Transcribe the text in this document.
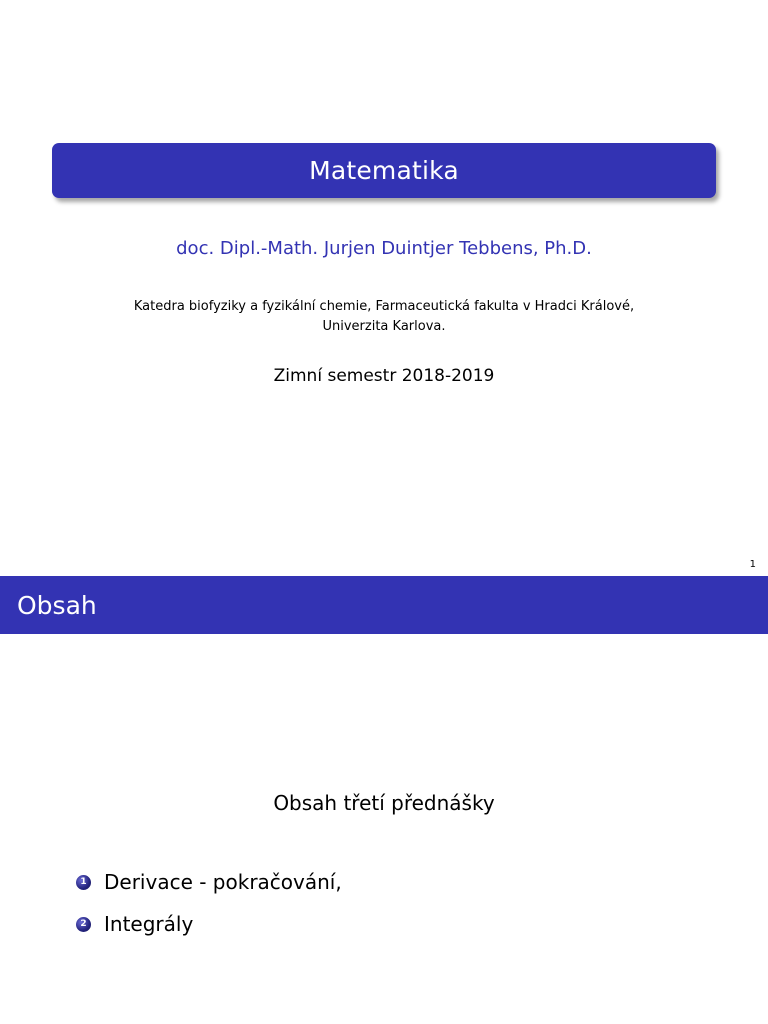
Matematika
doc. Dipl.-Math. Jurjen Duintjer Tebbens, Ph.D.
Katedra biofyziky a fyzikální chemie, Farmaceutická fakulta v Hradci Králové,
Univerzita Karlova.
Zimní semestr 2018-2019
1
Obsah
Obsah třetí přednášky
1 Derivace - pokračování,
2 Integrály
